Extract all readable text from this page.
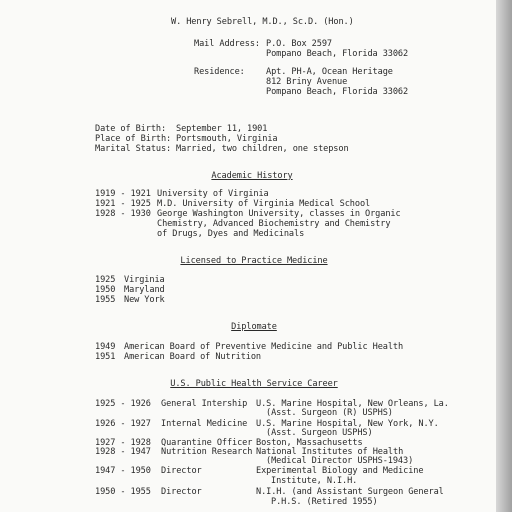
W. Henry Sebrell, M.D., Sc.D. (Hon.)
Mail Address: P.O. Box 2597
Pompano Beach, Florida 33062
Residence: Apt. PH-A, Ocean Heritage
812 Briny Avenue
Pompano Beach, Florida 33062
Date of Birth: September 11, 1901
Place of Birth: Portsmouth, Virginia
Marital Status: Married, two children, one stepson
Academic History
1919 - 1921 University of Virginia
1921 - 1925 M.D. University of Virginia Medical School
1928 - 1930 George Washington University, classes in Organic
Chemistry, Advanced Biochemistry and Chemistry
of Drugs, Dyes and Medicinals
Licensed to Practice Medicine
1925 Virginia
1950 Maryland
1955 New York
Diplomate
1949 American Board of Preventive Medicine and Public Health
1951 American Board of Nutrition
U.S. Public Health Service Career
1925 - 1926 General Intership U.S. Marine Hospital, New Orleans, La.
(Asst. Surgeon (R) USPHS)
1926 - 1927 Internal Medicine U.S. Marine Hospital, New York, N.Y.
(Asst. Surgeon USPHS)
1927 - 1928 Quarantine Officer Boston, Massachusetts
1928 - 1947 Nutrition Research National Institutes of Health
(Medical Director USPHS-1943)
1947 - 1950 Director	Experimental Biology and Medicine
Institute, N.I.H.
1950 - 1955 Director	N.I.H. (and Assistant Surgeon General
P.H.S. (Retired 1955)
